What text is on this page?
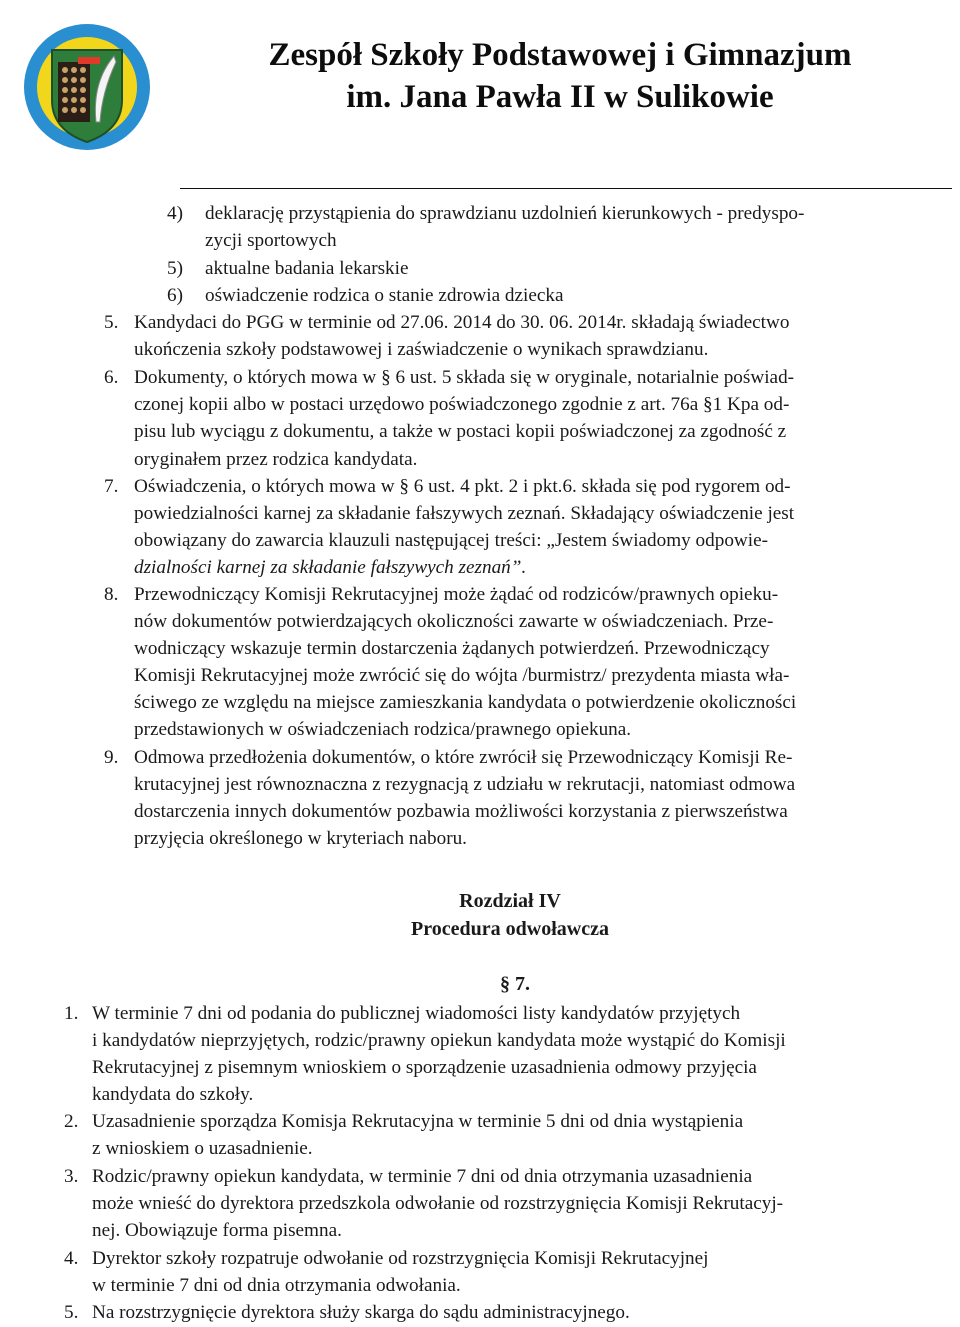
Zespół Szkoły Podstawowej i Gimnazjum
im. Jana Pawła II w Sulikowie
4) deklarację przystąpienia do sprawdzianu uzdolnień kierunkowych - predyspo-
zycji sportowych
5) aktualne badania lekarskie
6) oświadczenie rodzica o stanie zdrowia dziecka
5. Kandydaci do PGG w terminie od 27.06. 2014 do 30. 06. 2014r. składają świadectwo
ukończenia szkoły podstawowej i zaświadczenie o wynikach sprawdzianu.
6. Dokumenty, o których mowa w § 6 ust. 5 składa się w oryginale, notarialnie poświad-
czonej kopii albo w postaci urzędowo poświadczonego zgodnie z art. 76a §1 Kpa od-
pisu lub wyciągu z dokumentu, a także w postaci kopii poświadczonej za zgodność z
oryginałem przez rodzica kandydata.
7. Oświadczenia, o których mowa w § 6 ust. 4 pkt. 2 i pkt.6. składa się pod rygorem od-
powiedzialności karnej za składanie fałszywych zeznań. Składający oświadczenie jest
obowiązany do zawarcia klauzuli następującej treści: „Jestem świadomy odpowie-
dzialności karnej za składanie fałszywych zeznań”.
8. Przewodniczący Komisji Rekrutacyjnej może żądać od rodziców/prawnych opieku-
nów dokumentów potwierdzających okoliczności zawarte w oświadczeniach. Prze-
wodniczący wskazuje termin dostarczenia żądanych potwierdzeń. Przewodniczący
Komisji Rekrutacyjnej może zwrócić się do wójta /burmistrz/ prezydenta miasta wła-
ściwego ze względu na miejsce zamieszkania kandydata o potwierdzenie okoliczności
przedstawionych w oświadczeniach rodzica/prawnego opiekuna.
9. Odmowa przedłożenia dokumentów, o które zwrócił się Przewodniczący Komisji Re-
krutacyjnej jest równoznaczna z rezygnacją z udziału w rekrutacji, natomiast odmowa
dostarczenia innych dokumentów pozbawia możliwości korzystania z pierwszeństwa
przyjęcia określonego w kryteriach naboru.
Rozdział IV
Procedura odwoławcza
§ 7.
1. W terminie 7 dni od podania do publicznej wiadomości listy kandydatów przyjętych
i kandydatów nieprzyjętych, rodzic/prawny opiekun kandydata może wystąpić do Komisji
Rekrutacyjnej z pisemnym wnioskiem o sporządzenie uzasadnienia odmowy przyjęcia
kandydata do szkoły.
2. Uzasadnienie sporządza Komisja Rekrutacyjna w terminie 5 dni od dnia wystąpienia
z wnioskiem o uzasadnienie.
3. Rodzic/prawny opiekun kandydata, w terminie 7 dni od dnia otrzymania uzasadnienia
może wnieść do dyrektora przedszkola odwołanie od rozstrzygnięcia Komisji Rekrutacyj-
nej. Obowiązuje forma pisemna.
4. Dyrektor szkoły rozpatruje odwołanie od rozstrzygnięcia Komisji Rekrutacyjnej
w terminie 7 dni od dnia otrzymania odwołania.
5. Na rozstrzygnięcie dyrektora służy skarga do sądu administracyjnego.
